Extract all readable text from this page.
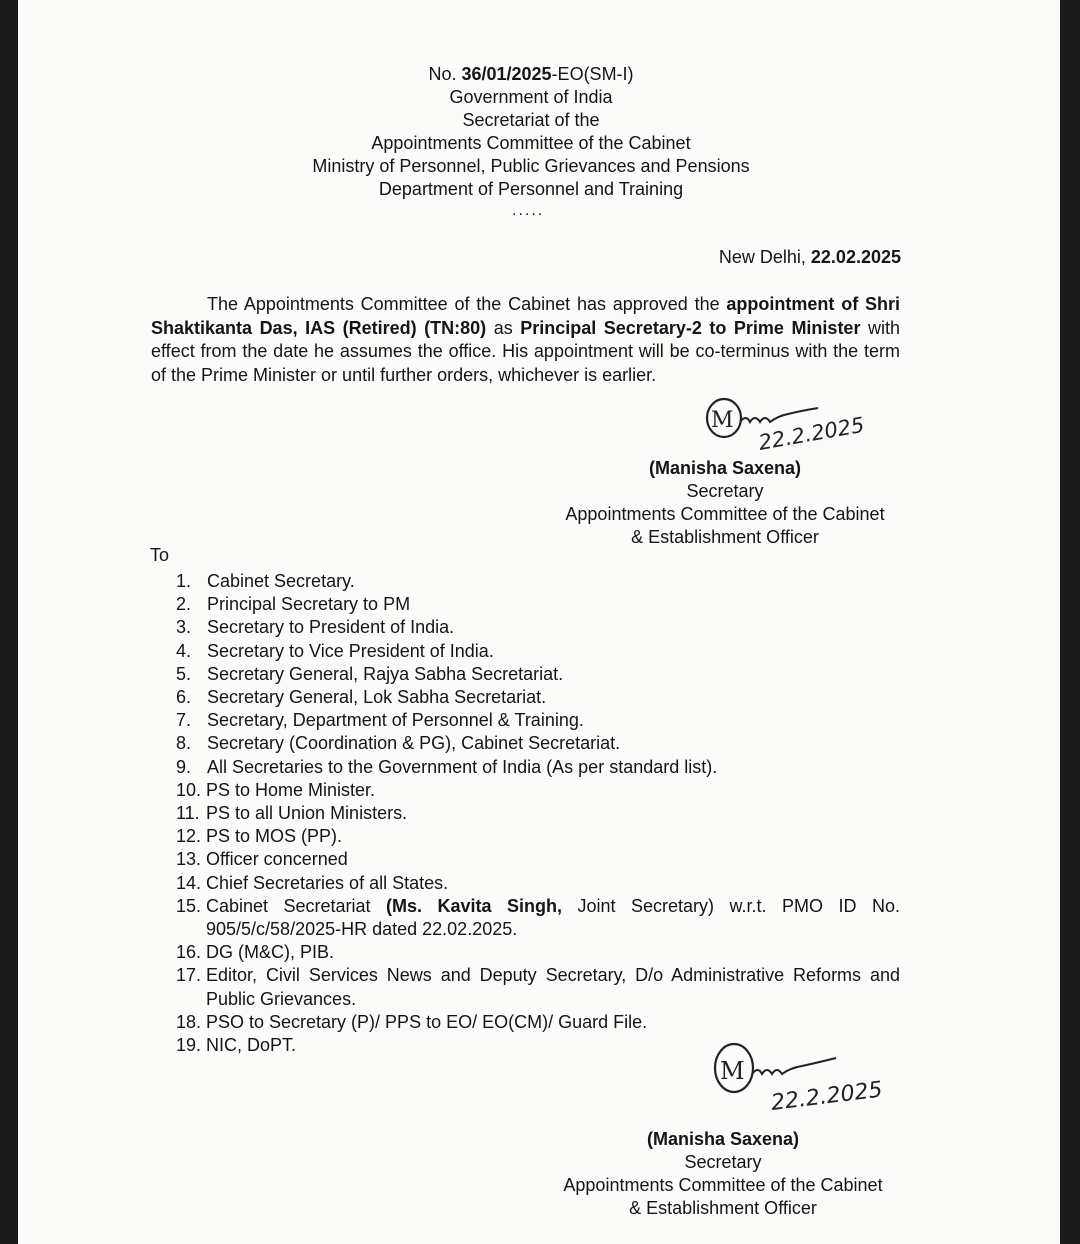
No. 36/01/2025-EO(SM-I)
Government of India
Secretariat of the
Appointments Committee of the Cabinet
Ministry of Personnel, Public Grievances and Pensions
Department of Personnel and Training
.....
New Delhi, 22.02.2025
The Appointments Committee of the Cabinet has approved the appointment of Shri Shaktikanta Das, IAS (Retired) (TN:80) as Principal Secretary-2 to Prime Minister with effect from the date he assumes the office. His appointment will be co-terminus with the term of the Prime Minister or until further orders, whichever is earlier.
M 22.2.2025
(Manisha Saxena)
Secretary
Appointments Committee of the Cabinet
& Establishment Officer
To
1. Cabinet Secretary.
2. Principal Secretary to PM
3. Secretary to President of India.
4. Secretary to Vice President of India.
5. Secretary General, Rajya Sabha Secretariat.
6. Secretary General, Lok Sabha Secretariat.
7. Secretary, Department of Personnel & Training.
8. Secretary (Coordination & PG), Cabinet Secretariat.
9. All Secretaries to the Government of India (As per standard list).
10. PS to Home Minister.
11. PS to all Union Ministers.
12. PS to MOS (PP).
13. Officer concerned
14. Chief Secretaries of all States.
15. Cabinet Secretariat (Ms. Kavita Singh, Joint Secretary) w.r.t. PMO ID No. 905/5/c/58/2025-HR dated 22.02.2025.
16. DG (M&C), PIB.
17. Editor, Civil Services News and Deputy Secretary, D/o Administrative Reforms and Public Grievances.
18. PSO to Secretary (P)/ PPS to EO/ EO(CM)/ Guard File.
19. NIC, DoPT.
M
22.2.2025
(Manisha Saxena)
Secretary
Appointments Committee of the Cabinet
& Establishment Officer
